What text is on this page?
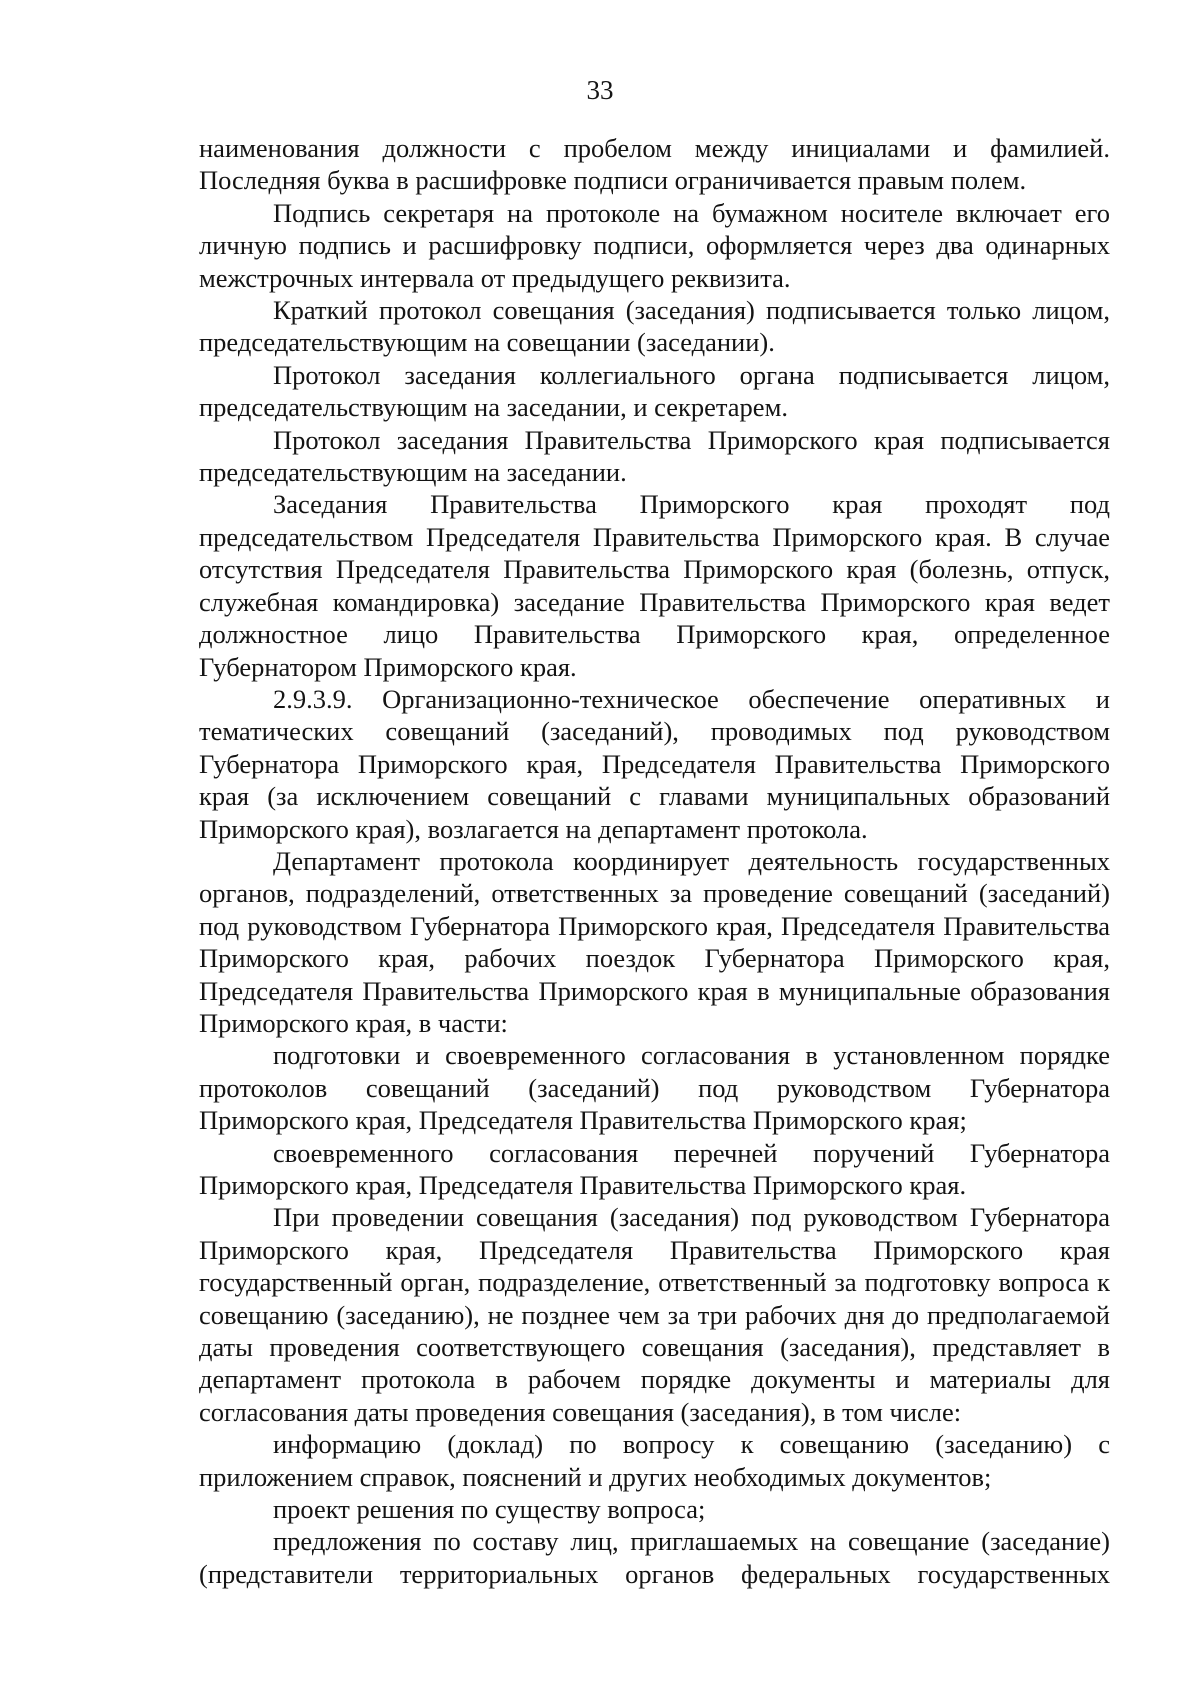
33
наименования должности с пробелом между инициалами и фамилией.
Последняя буква в расшифровке подписи ограничивается правым полем.
Подпись секретаря на протоколе на бумажном носителе включает его
личную подпись и расшифровку подписи, оформляется через два одинарных
межстрочных интервала от предыдущего реквизита.
Краткий протокол совещания (заседания) подписывается только лицом,
председательствующим на совещании (заседании).
Протокол заседания коллегиального органа подписывается лицом,
председательствующим на заседании, и секретарем.
Протокол заседания Правительства Приморского края подписывается
председательствующим на заседании.
Заседания Правительства Приморского края проходят под
председательством Председателя Правительства Приморского края. В случае
отсутствия Председателя Правительства Приморского края (болезнь, отпуск,
служебная командировка) заседание Правительства Приморского края ведет
должностное лицо Правительства Приморского края, определенное
Губернатором Приморского края.
2.9.3.9. Организационно-техническое обеспечение оперативных и
тематических совещаний (заседаний), проводимых под руководством
Губернатора Приморского края, Председателя Правительства Приморского
края (за исключением совещаний с главами муниципальных образований
Приморского края), возлагается на департамент протокола.
Департамент протокола координирует деятельность государственных
органов, подразделений, ответственных за проведение совещаний (заседаний)
под руководством Губернатора Приморского края, Председателя Правительства
Приморского края, рабочих поездок Губернатора Приморского края,
Председателя Правительства Приморского края в муниципальные образования
Приморского края, в части:
подготовки и своевременного согласования в установленном порядке
протоколов совещаний (заседаний) под руководством Губернатора
Приморского края, Председателя Правительства Приморского края;
своевременного согласования перечней поручений Губернатора
Приморского края, Председателя Правительства Приморского края.
При проведении совещания (заседания) под руководством Губернатора
Приморского края, Председателя Правительства Приморского края
государственный орган, подразделение, ответственный за подготовку вопроса к
совещанию (заседанию), не позднее чем за три рабочих дня до предполагаемой
даты проведения соответствующего совещания (заседания), представляет в
департамент протокола в рабочем порядке документы и материалы для
согласования даты проведения совещания (заседания), в том числе:
информацию (доклад) по вопросу к совещанию (заседанию) с
приложением справок, пояснений и других необходимых документов;
проект решения по существу вопроса;
предложения по составу лиц, приглашаемых на совещание (заседание)
(представители территориальных органов федеральных государственных
